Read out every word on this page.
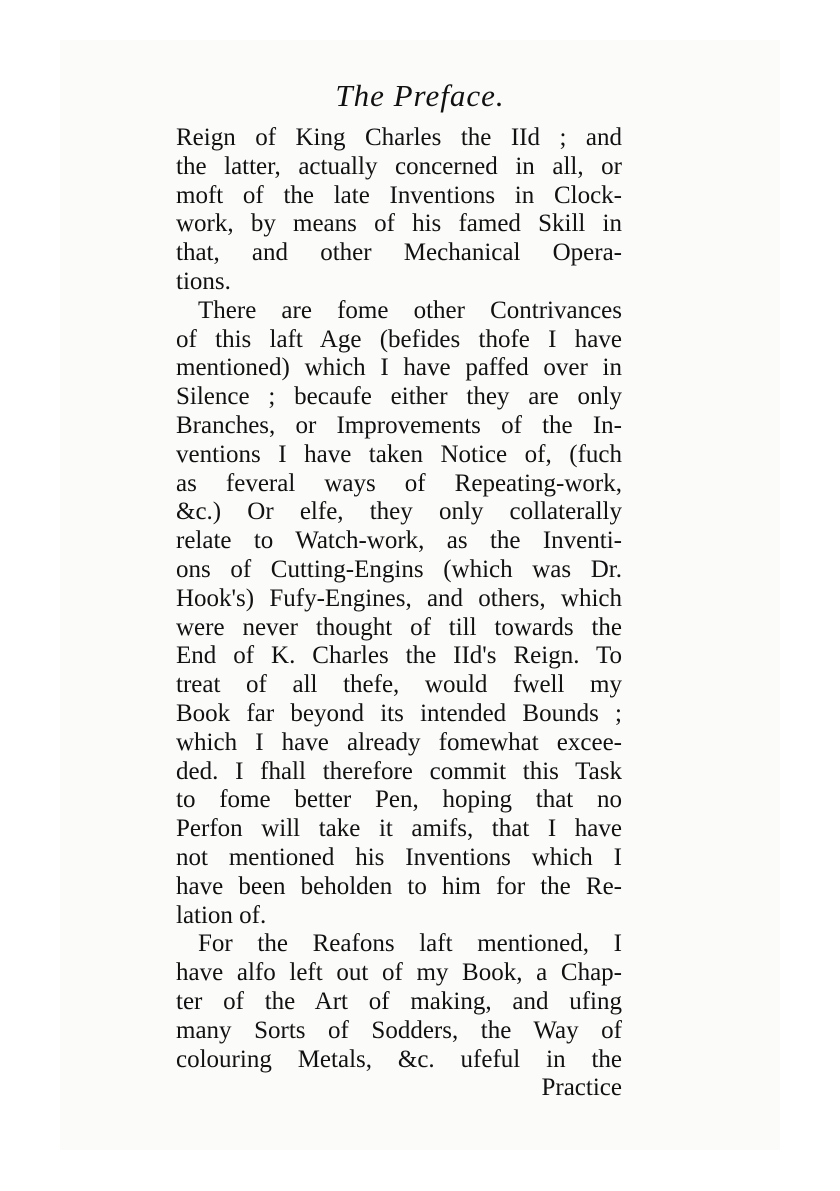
The Preface.
Reign of King Charles the IId ; and
the latter, actually concerned in all, or
moft of the late Inventions in Clock-
work, by means of his famed Skill in
that, and other Mechanical Opera-
tions.
There are fome other Contrivances
of this laft Age (befides thofe I have
mentioned) which I have paffed over in
Silence ; becaufe either they are only
Branches, or Improvements of the In-
ventions I have taken Notice of, (fuch
as feveral ways of Repeating-work,
&c.) Or elfe, they only collaterally
relate to Watch-work, as the Inventi-
ons of Cutting-Engins (which was Dr.
Hook's) Fufy-Engines, and others, which
were never thought of till towards the
End of K. Charles the IId's Reign. To
treat of all thefe, would fwell my
Book far beyond its intended Bounds ;
which I have already fomewhat excee-
ded. I fhall therefore commit this Task
to fome better Pen, hoping that no
Perfon will take it amifs, that I have
not mentioned his Inventions which I
have been beholden to him for the Re-
lation of.
For the Reafons laft mentioned, I
have alfo left out of my Book, a Chap-
ter of the Art of making, and ufing
many Sorts of Sodders, the Way of
colouring Metals, &c. ufeful in the
Practice
